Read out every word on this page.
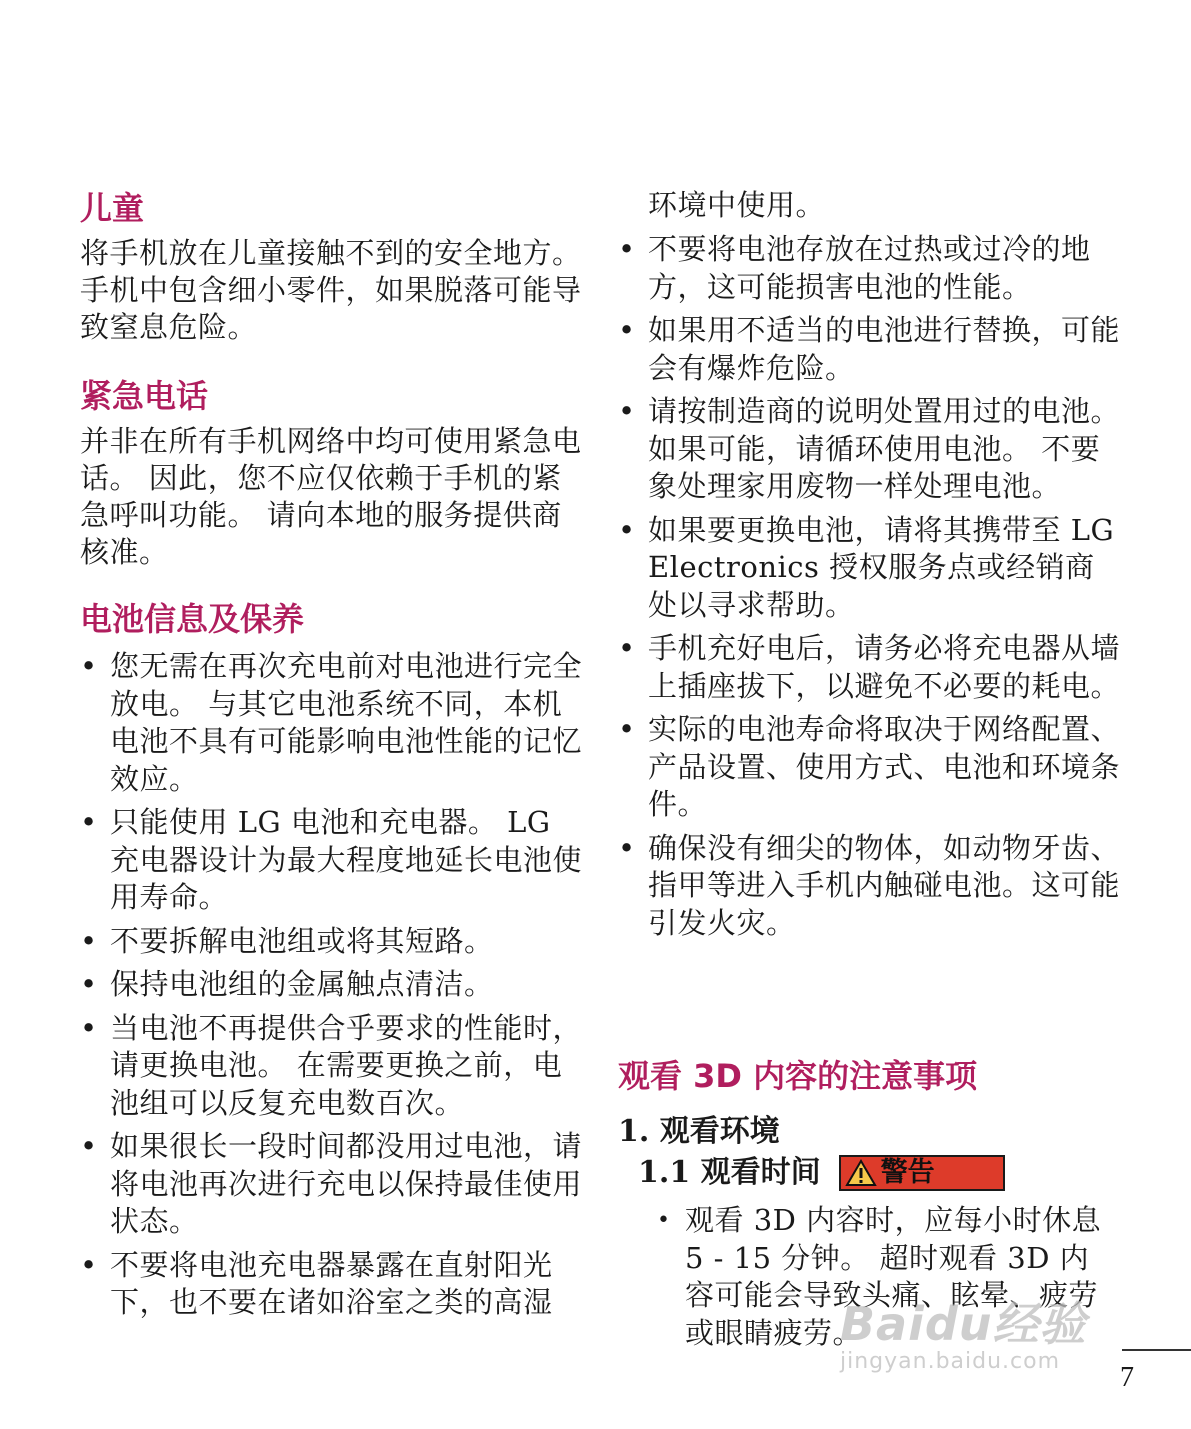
儿童

将手机放在儿童接触不到的安全地方。 手机中包含细小零件，如果脱落可能导致窒息危险。

紧急电话

并非在所有手机网络中均可使用紧急电话。 因此，您不应仅依赖于手机的紧急呼叫功能。 请向本地的服务提供商核准。

电池信息及保养
• 您无需在再次充电前对电池进行完全放电。 与其它电池系统不同，本机电池不具有可能影响电池性能的记忆效应。
• 只能使用 LG 电池和充电器。 LG 充电器设计为最大程度地延长电池使用寿命。
• 不要拆解电池组或将其短路。
• 保持电池组的金属触点清洁。
• 当电池不再提供合乎要求的性能时，请更换电池。 在需要更换之前，电池组可以反复充电数百次。
• 如果很长一段时间都没用过电池，请将电池再次进行充电以保持最佳使用状态。
• 不要将电池充电器暴露在直射阳光下，也不要在诸如浴室之类的高湿

环境中使用。

• 不要将电池存放在过热或过冷的地方，这可能损害电池的性能。
• 如果用不适当的电池进行替换，可能会有爆炸危险。
• 请按制造商的说明处置用过的电池。 如果可能，请循环使用电池。 不要象处理家用废物一样处理电池。
• 如果要更换电池，请将其携带至 LG Electronics 授权服务点或经销商处以寻求帮助。
• 手机充好电后，请务必将充电器从墙上插座拔下，以避免不必要的耗电。
• 实际的电池寿命将取决于网络配置、产品设置、使用方式、电池和环境条件。
• 确保没有细尖的物体，如动物牙齿、指甲等进入手机内触碰电池。这可能引发火灾。
观看 3D 内容的注意事项
1. 观看环境
1.1 观看时间 警告
• 观看 3D 内容时，应每小时休息 5 - 15 分钟。 超时观看 3D 内容可能会导致头痛、眩晕、疲劳或眼睛疲劳。
Baidu经验
jingyan.baidu.com
7
